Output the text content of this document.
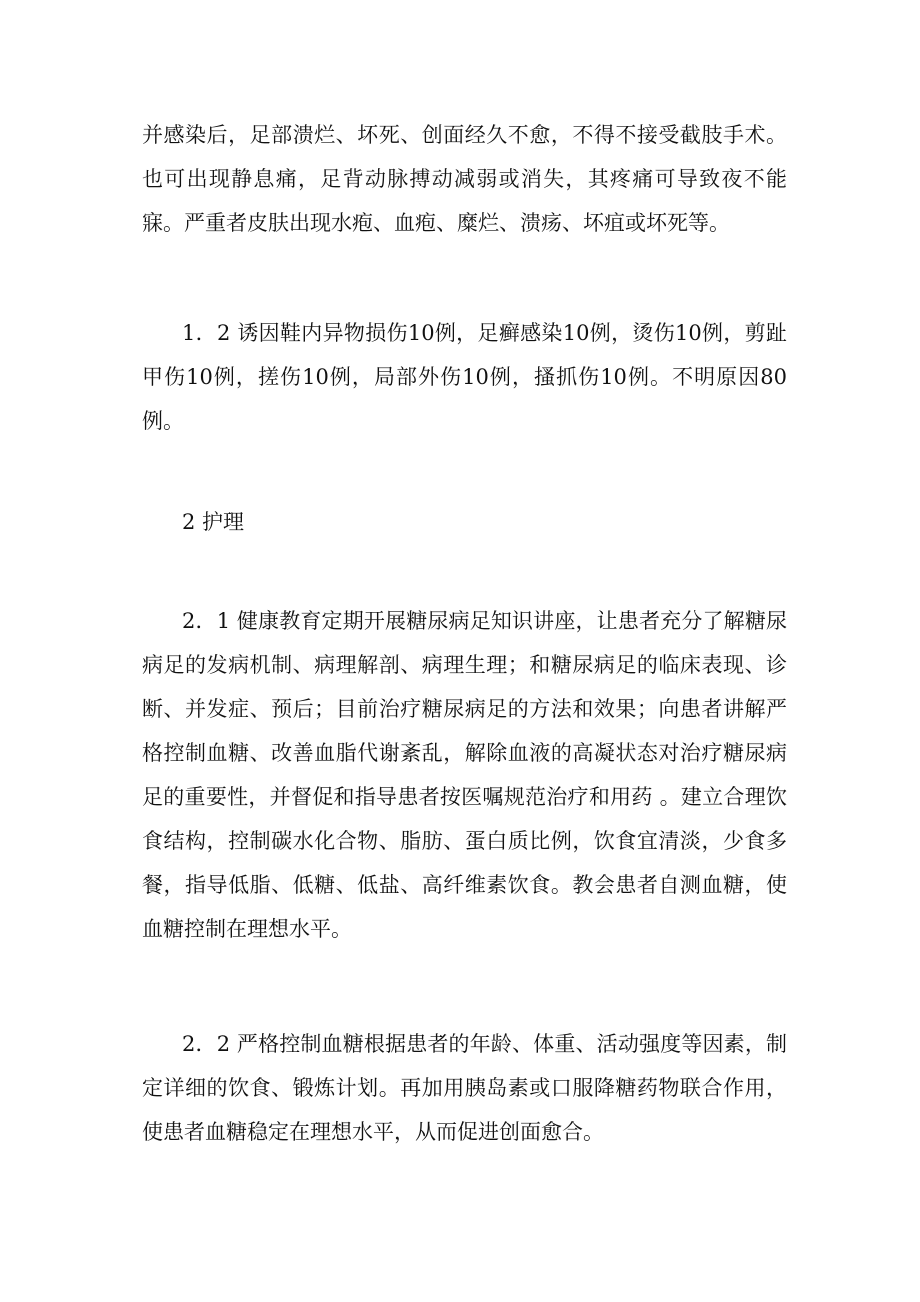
并感染后，足部溃烂、坏死、创面经久不愈，不得不接受截肢手术。也可出现静息痛，足背动脉搏动减弱或消失，其疼痛可导致夜不能寐。严重者皮肤出现水疱、血疱、糜烂、溃疡、坏疽或坏死等。

1．2 诱因鞋内异物损伤10例，足癣感染10例，烫伤10例，剪趾甲伤10例，搓伤10例，局部外伤10例，搔抓伤10例。不明原因80例。

2 护理

2．1 健康教育定期开展糖尿病足知识讲座，让患者充分了解糖尿病足的发病机制、病理解剖、病理生理；和糖尿病足的临床表现、诊断、并发症、预后；目前治疗糖尿病足的方法和效果；向患者讲解严格控制血糖、改善血脂代谢紊乱，解除血液的高凝状态对治疗糖尿病足的重要性，并督促和指导患者按医嘱规范治疗和用药 。建立合理饮食结构，控制碳水化合物、脂肪、蛋白质比例，饮食宜清淡，少食多餐，指导低脂、低糖、低盐、高纤维素饮食。教会患者自测血糖，使血糖控制在理想水平。

2．2 严格控制血糖根据患者的年龄、体重、活动强度等因素，制定详细的饮食、锻炼计划。再加用胰岛素或口服降糖药物联合作用，使患者血糖稳定在理想水平，从而促进创面愈合。
